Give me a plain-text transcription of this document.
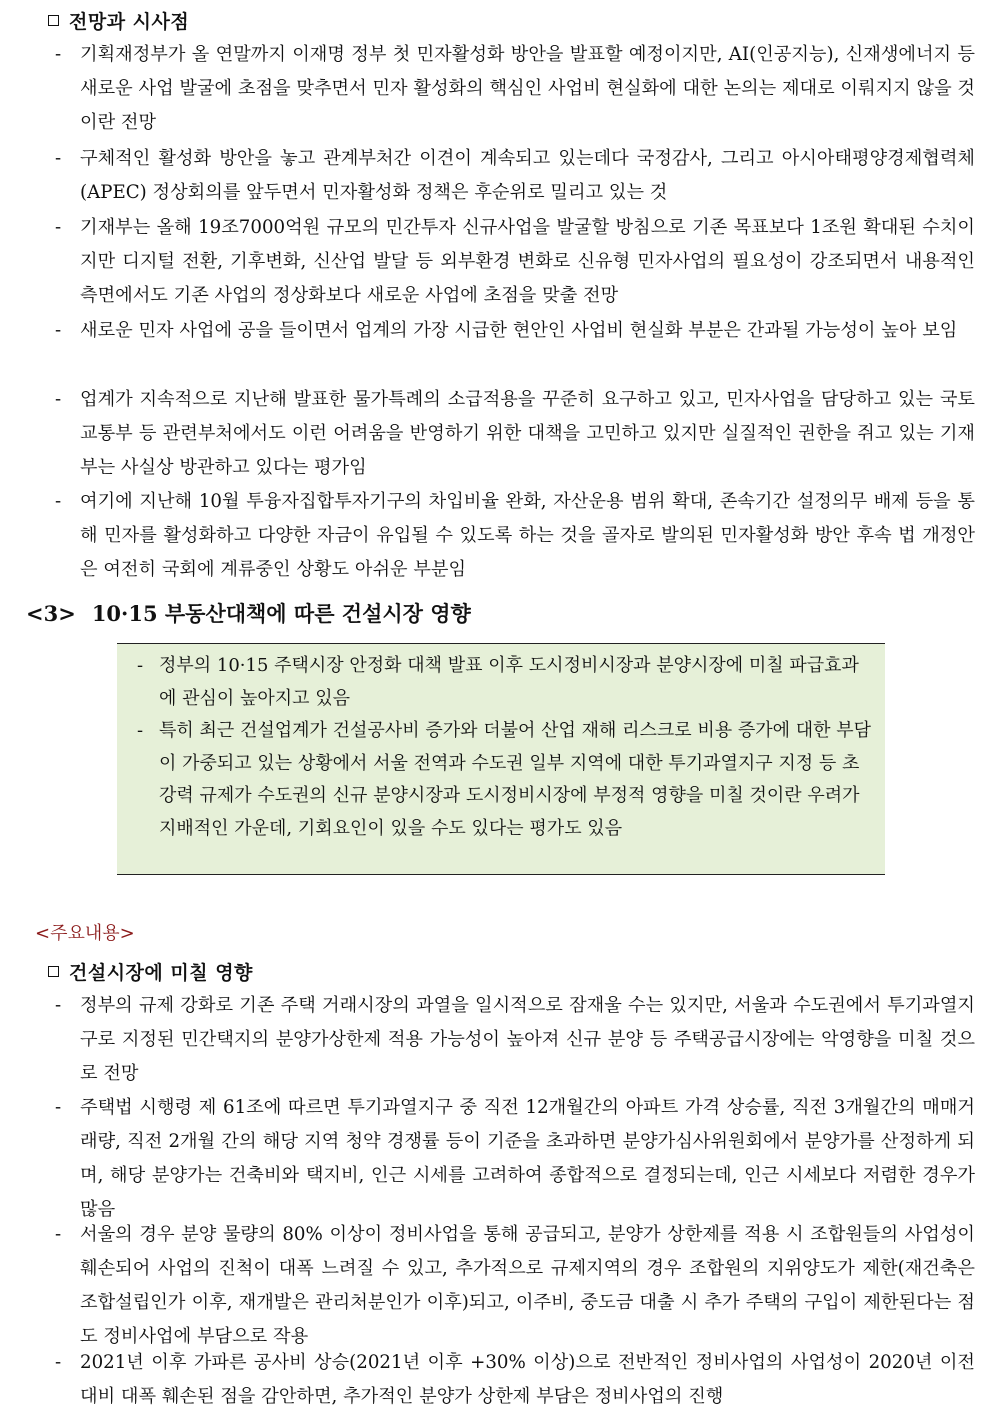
전망과 시사점
- 기획재정부가 올 연말까지 이재명 정부 첫 민자활성화 방안을 발표할 예정이지만, AI(인공지능), 신재생에너지 등 새로운 사업 발굴에 초점을 맞추면서 민자 활성화의 핵심인 사업비 현실화에 대한 논의는 제대로 이뤄지지 않을 것이란 전망
- 구체적인 활성화 방안을 놓고 관계부처간 이견이 계속되고 있는데다 국정감사, 그리고 아시아태평양경제협력체(APEC) 정상회의를 앞두면서 민자활성화 정책은 후순위로 밀리고 있는 것
- 기재부는 올해 19조7000억원 규모의 민간투자 신규사업을 발굴할 방침으로 기존 목표보다 1조원 확대된 수치이지만 디지털 전환, 기후변화, 신산업 발달 등 외부환경 변화로 신유형 민자사업의 필요성이 강조되면서 내용적인 측면에서도 기존 사업의 정상화보다 새로운 사업에 초점을 맞출 전망
- 새로운 민자 사업에 공을 들이면서 업계의 가장 시급한 현안인 사업비 현실화 부분은 간과될 가능성이 높아 보임
- 업계가 지속적으로 지난해 발표한 물가특례의 소급적용을 꾸준히 요구하고 있고, 민자사업을 담당하고 있는 국토교통부 등 관련부처에서도 이런 어려움을 반영하기 위한 대책을 고민하고 있지만 실질적인 권한을 쥐고 있는 기재부는 사실상 방관하고 있다는 평가임
- 여기에 지난해 10월 투융자집합투자기구의 차입비율 완화, 자산운용 범위 확대, 존속기간 설정의무 배제 등을 통해 민자를 활성화하고 다양한 자금이 유입될 수 있도록 하는 것을 골자로 발의된 민자활성화 방안 후속 법 개정안은 여전히 국회에 계류중인 상황도 아쉬운 부분임
<3> 10·15 부동산대책에 따른 건설시장 영향
- 정부의 10·15 주택시장 안정화 대책 발표 이후 도시정비시장과 분양시장에 미칠 파급효과에 관심이 높아지고 있음
- 특히 최근 건설업계가 건설공사비 증가와 더불어 산업 재해 리스크로 비용 증가에 대한 부담이 가중되고 있는 상황에서 서울 전역과 수도권 일부 지역에 대한 투기과열지구 지정 등 초강력 규제가 수도권의 신규 분양시장과 도시정비시장에 부정적 영향을 미칠 것이란 우려가 지배적인 가운데, 기회요인이 있을 수도 있다는 평가도 있음
<주요내용>
건설시장에 미칠 영향
- 정부의 규제 강화로 기존 주택 거래시장의 과열을 일시적으로 잠재울 수는 있지만, 서울과 수도권에서 투기과열지구로 지정된 민간택지의 분양가상한제 적용 가능성이 높아져 신규 분양 등 주택공급시장에는 악영향을 미칠 것으로 전망
- 주택법 시행령 제 61조에 따르면 투기과열지구 중 직전 12개월간의 아파트 가격 상승률, 직전 3개월간의 매매거래량, 직전 2개월 간의 해당 지역 청약 경쟁률 등이 기준을 초과하면 분양가심사위원회에서 분양가를 산정하게 되며, 해당 분양가는 건축비와 택지비, 인근 시세를 고려하여 종합적으로 결정되는데, 인근 시세보다 저렴한 경우가 많음
- 서울의 경우 분양 물량의 80% 이상이 정비사업을 통해 공급되고, 분양가 상한제를 적용 시 조합원들의 사업성이 훼손되어 사업의 진척이 대폭 느려질 수 있고, 추가적으로 규제지역의 경우 조합원의 지위양도가 제한(재건축은 조합설립인가 이후, 재개발은 관리처분인가 이후)되고, 이주비, 중도금 대출 시 추가 주택의 구입이 제한된다는 점도 정비사업에 부담으로 작용
- 2021년 이후 가파른 공사비 상승(2021년 이후 +30% 이상)으로 전반적인 정비사업의 사업성이 2020년 이전 대비 대폭 훼손된 점을 감안하면, 추가적인 분양가 상한제 부담은 정비사업의 진행
